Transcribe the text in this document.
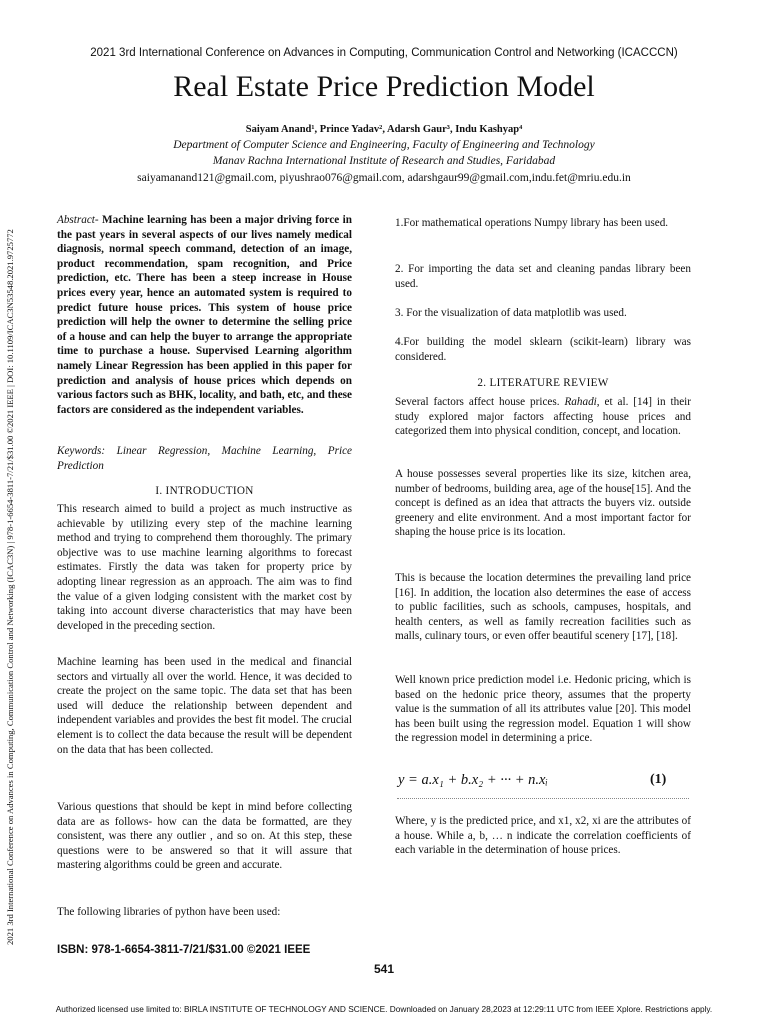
2021 3rd International Conference on Advances in Computing, Communication Control and Networking (ICAC3N) | 978-1-6654-3811-7/21/$31.00 ©2021 IEEE | DOI: 10.1109/ICAC3N53548.2021.9725772
2021 3rd International Conference on Advances in Computing, Communication Control and Networking (ICACCCN)
Real Estate Price Prediction Model
Saiyam Anand¹, Prince Yadav², Adarsh Gaur³, Indu Kashyap⁴
Department of Computer Science and Engineering, Faculty of Engineering and Technology
Manav Rachna International Institute of Research and Studies, Faridabad
saiyamanand121@gmail.com, piyushrao076@gmail.com, adarshgaur99@gmail.com,indu.fet@mriu.edu.in
Abstract- Machine learning has been a major driving force in the past years in several aspects of our lives namely medical diagnosis, normal speech command, detection of an image, product recommendation, spam recognition, and Price prediction, etc. There has been a steep increase in House prices every year, hence an automated system is required to predict future house prices. This system of house price prediction will help the owner to determine the selling price of a house and can help the buyer to arrange the appropriate time to purchase a house. Supervised Learning algorithm namely Linear Regression has been applied in this paper for prediction and analysis of house prices which depends on various factors such as BHK, locality, and bath, etc, and these factors are considered as the independent variables.
Keywords: Linear Regression, Machine Learning, Price Prediction
I. INTRODUCTION
This research aimed to build a project as much instructive as achievable by utilizing every step of the machine learning method and trying to comprehend them thoroughly. The primary objective was to use machine learning algorithms to forecast estimates. Firstly the data was taken for property price by adopting linear regression as an approach. The aim was to find the value of a given lodging consistent with the market cost by taking into account diverse characteristics that may have been developed in the preceding section.
Machine learning has been used in the medical and financial sectors and virtually all over the world. Hence, it was decided to create the project on the same topic. The data set that has been used will deduce the relationship between dependent and independent variables and provides the best fit model. The crucial element is to collect the data because the result will be dependent on the data that has been collected.
Various questions that should be kept in mind before collecting data are as follows- how can the data be formatted, are they consistent, was there any outlier , and so on. At this step, these questions were to be answered so that it will assure that mastering algorithms could be green and accurate.
The following libraries of python have been used:
1.For mathematical operations Numpy library has been used.
2. For importing the data set and cleaning pandas library been used.
3. For the visualization of data matplotlib was used.
4.For building the model sklearn (scikit-learn) library was considered.
2. LITERATURE REVIEW
Several factors affect house prices. Rahadi, et al. [14] in their study explored major factors affecting house prices and categorized them into physical condition, concept, and location.
A house possesses several properties like its size, kitchen area, number of bedrooms, building area, age of the house[15]. And the concept is defined as an idea that attracts the buyers viz. outside greenery and elite environment. And a most important factor for shaping the house price is its location.
This is because the location determines the prevailing land price [16]. In addition, the location also determines the ease of access to public facilities, such as schools, campuses, hospitals, and health centers, as well as family recreation facilities such as malls, culinary tours, or even offer beautiful scenery [17], [18].
Well known price prediction model i.e. Hedonic pricing, which is based on the hedonic price theory, assumes that the property value is the summation of all its attributes value [20]. This model has been built using the regression model. Equation 1 will show the regression model in determining a price.
y = a.x₁ + b.x₂ + ··· + n.xᵢ	(1)
Where, y is the predicted price, and x1, x2, xi are the attributes of a house. While a, b, … n indicate the correlation coefficients of each variable in the determination of house prices.
ISBN: 978-1-6654-3811-7/21/$31.00 ©2021 IEEE
541
Authorized licensed use limited to: BIRLA INSTITUTE OF TECHNOLOGY AND SCIENCE. Downloaded on January 28,2023 at 12:29:11 UTC from IEEE Xplore. Restrictions apply.
